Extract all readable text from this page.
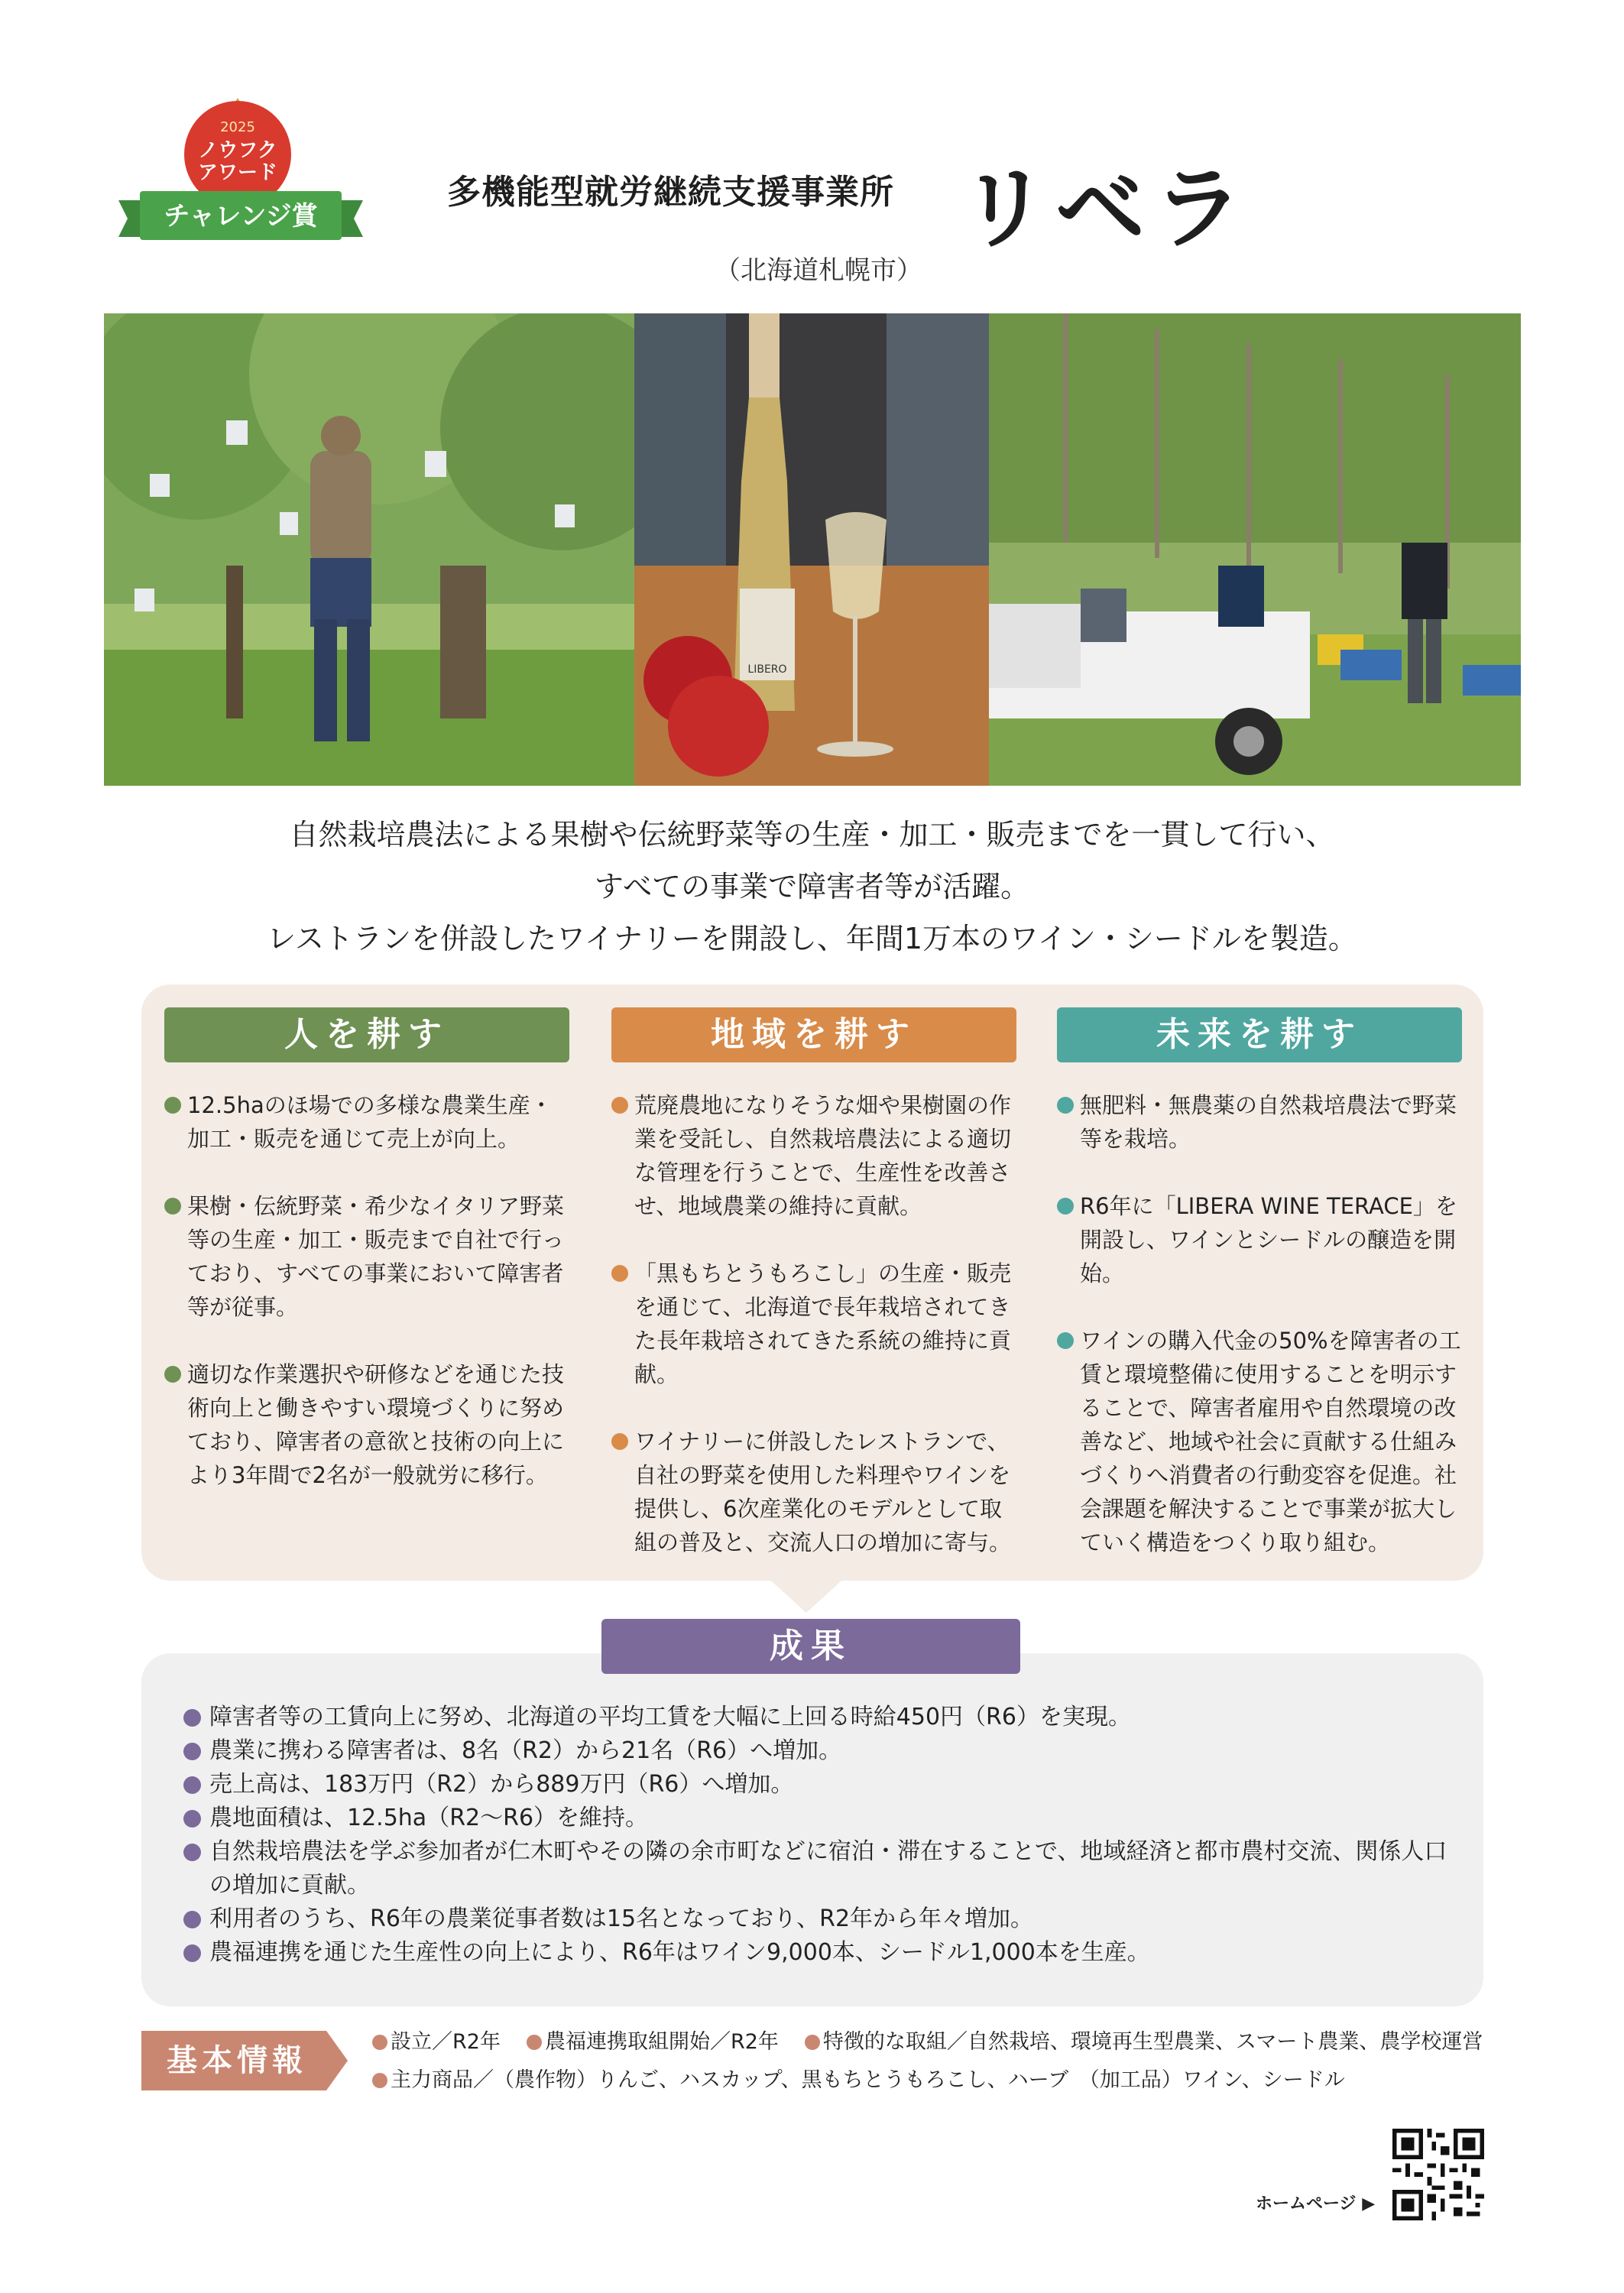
2025
ノウフク
アワード
チャレンジ賞
多機能型就労継続支援事業所 リベラ
（北海道札幌市）
LIBERO

自然栽培農法による果樹や伝統野菜等の生産・加工・販売までを一貫して行い、

すべての事業で障害者等が活躍。

レストランを併設したワイナリーを開設し、年間1万本のワイン・シードルを製造。

人を耕す
12.5haのほ場での多様な農業生産・加工・販売を通じて売上が向上。
果樹・伝統野菜・希少なイタリア野菜等の生産・加工・販売まで自社で行っており、すべての事業において障害者等が従事。
適切な作業選択や研修などを通じた技術向上と働きやすい環境づくりに努めており、障害者の意欲と技術の向上により3年間で2名が一般就労に移行。
地域を耕す
荒廃農地になりそうな畑や果樹園の作業を受託し、自然栽培農法による適切な管理を行うことで、生産性を改善させ、地域農業の維持に貢献。
「黒もちとうもろこし」の生産・販売を通じて、北海道で長年栽培されてきた長年栽培されてきた系統の維持に貢献。
ワイナリーに併設したレストランで、自社の野菜を使用した料理やワインを提供し、6次産業化のモデルとして取組の普及と、交流人口の増加に寄与。
未来を耕す
無肥料・無農薬の自然栽培農法で野菜等を栽培。
R6年に「LIBERA WINE TERACE」を開設し、ワインとシードルの醸造を開始。
ワインの購入代金の50%を障害者の工賃と環境整備に使用することを明示することで、障害者雇用や自然環境の改善など、地域や社会に貢献する仕組みづくりへ消費者の行動変容を促進。社会課題を解決することで事業が拡大していく構造をつくり取り組む。
成果
障害者等の工賃向上に努め、北海道の平均工賃を大幅に上回る時給450円（R6）を実現。
農業に携わる障害者は、8名（R2）から21名（R6）へ増加。
売上高は、183万円（R2）から889万円（R6）へ増加。
農地面積は、12.5ha（R2〜R6）を維持。
自然栽培農法を学ぶ参加者が仁木町やその隣の余市町などに宿泊・滞在することで、地域経済と都市農村交流、関係人口の増加に貢献。
利用者のうち、R6年の農業従事者数は15名となっており、R2年から年々増加。
農福連携を通じた生産性の向上により、R6年はワイン9,000本、シードル1,000本を生産。
基本情報
設立／R2年 農福連携取組開始／R2年 特徴的な取組／自然栽培、環境再生型農業、スマート農業、農学校運営
主力商品／（農作物）りんご、ハスカップ、黒もちとうもろこし、ハーブ　（加工品）ワイン、シードル
ホームページ ▶
